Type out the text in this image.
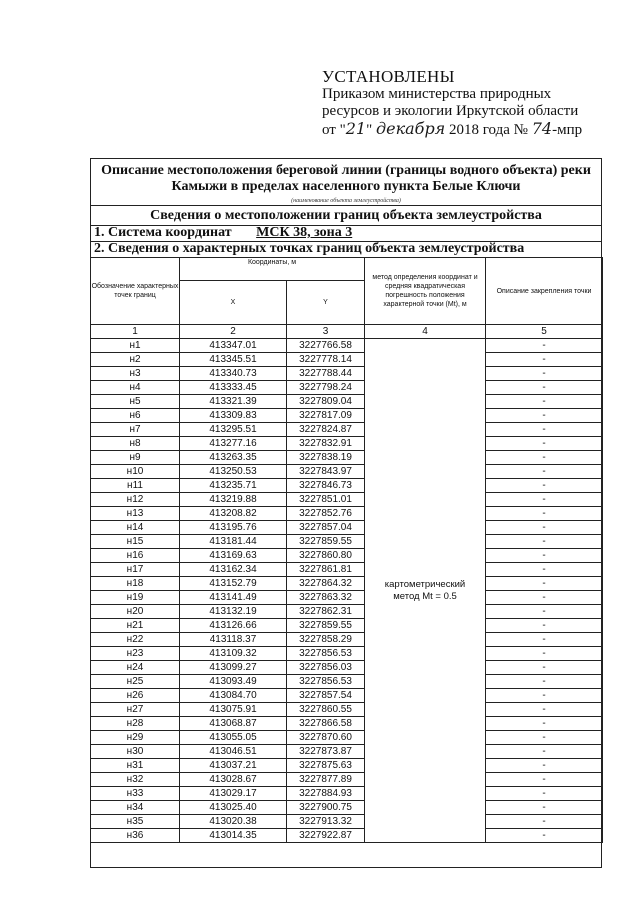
УСТАНОВЛЕНЫ
Приказом министерства природных
ресурсов и экологии Иркутской области
от "21" декабря 2018 года № 74-мпр
Описание местоположения береговой линии (границы водного объекта) реки Камыжи в пределах населенного пункта Белые Ключи
(наименование объекта землеустройства)
Сведения о местоположении границ объекта землеустройства
1. Система координат МСК 38, зона 3
2. Сведения о характерных точках границ объекта землеустройства
Обозначение характерных точек границ	Координаты, м		метод определения координат и средняя квадратическая погрешность положения характерной точки (Mt), м	Описание закрепления точки
	X	Y		
1	2	3	4	5
н1	413347.01	3227766.58	картометрический метод Mt = 0.5	-
н2	413345.51	3227778.14		-
н3	413340.73	3227788.44		-
н4	413333.45	3227798.24		-
н5	413321.39	3227809.04		-
н6	413309.83	3227817.09		-
н7	413295.51	3227824.87		-
н8	413277.16	3227832.91		-
н9	413263.35	3227838.19		-
н10	413250.53	3227843.97		-
н11	413235.71	3227846.73		-
н12	413219.88	3227851.01		-
н13	413208.82	3227852.76		-
н14	413195.76	3227857.04		-
н15	413181.44	3227859.55		-
н16	413169.63	3227860.80		-
н17	413162.34	3227861.81		-
н18	413152.79	3227864.32		-
н19	413141.49	3227863.32		-
н20	413132.19	3227862.31		-
н21	413126.66	3227859.55		-
н22	413118.37	3227858.29		-
н23	413109.32	3227856.53		-
н24	413099.27	3227856.03		-
н25	413093.49	3227856.53		-
н26	413084.70	3227857.54		-
н27	413075.91	3227860.55		-
н28	413068.87	3227866.58		-
н29	413055.05	3227870.60		-
н30	413046.51	3227873.87		-
н31	413037.21	3227875.63		-
н32	413028.67	3227877.89		-
н33	413029.17	3227884.93		-
н34	413025.40	3227900.75		-
н35	413020.38	3227913.32		-
н36	413014.35	3227922.87		-
